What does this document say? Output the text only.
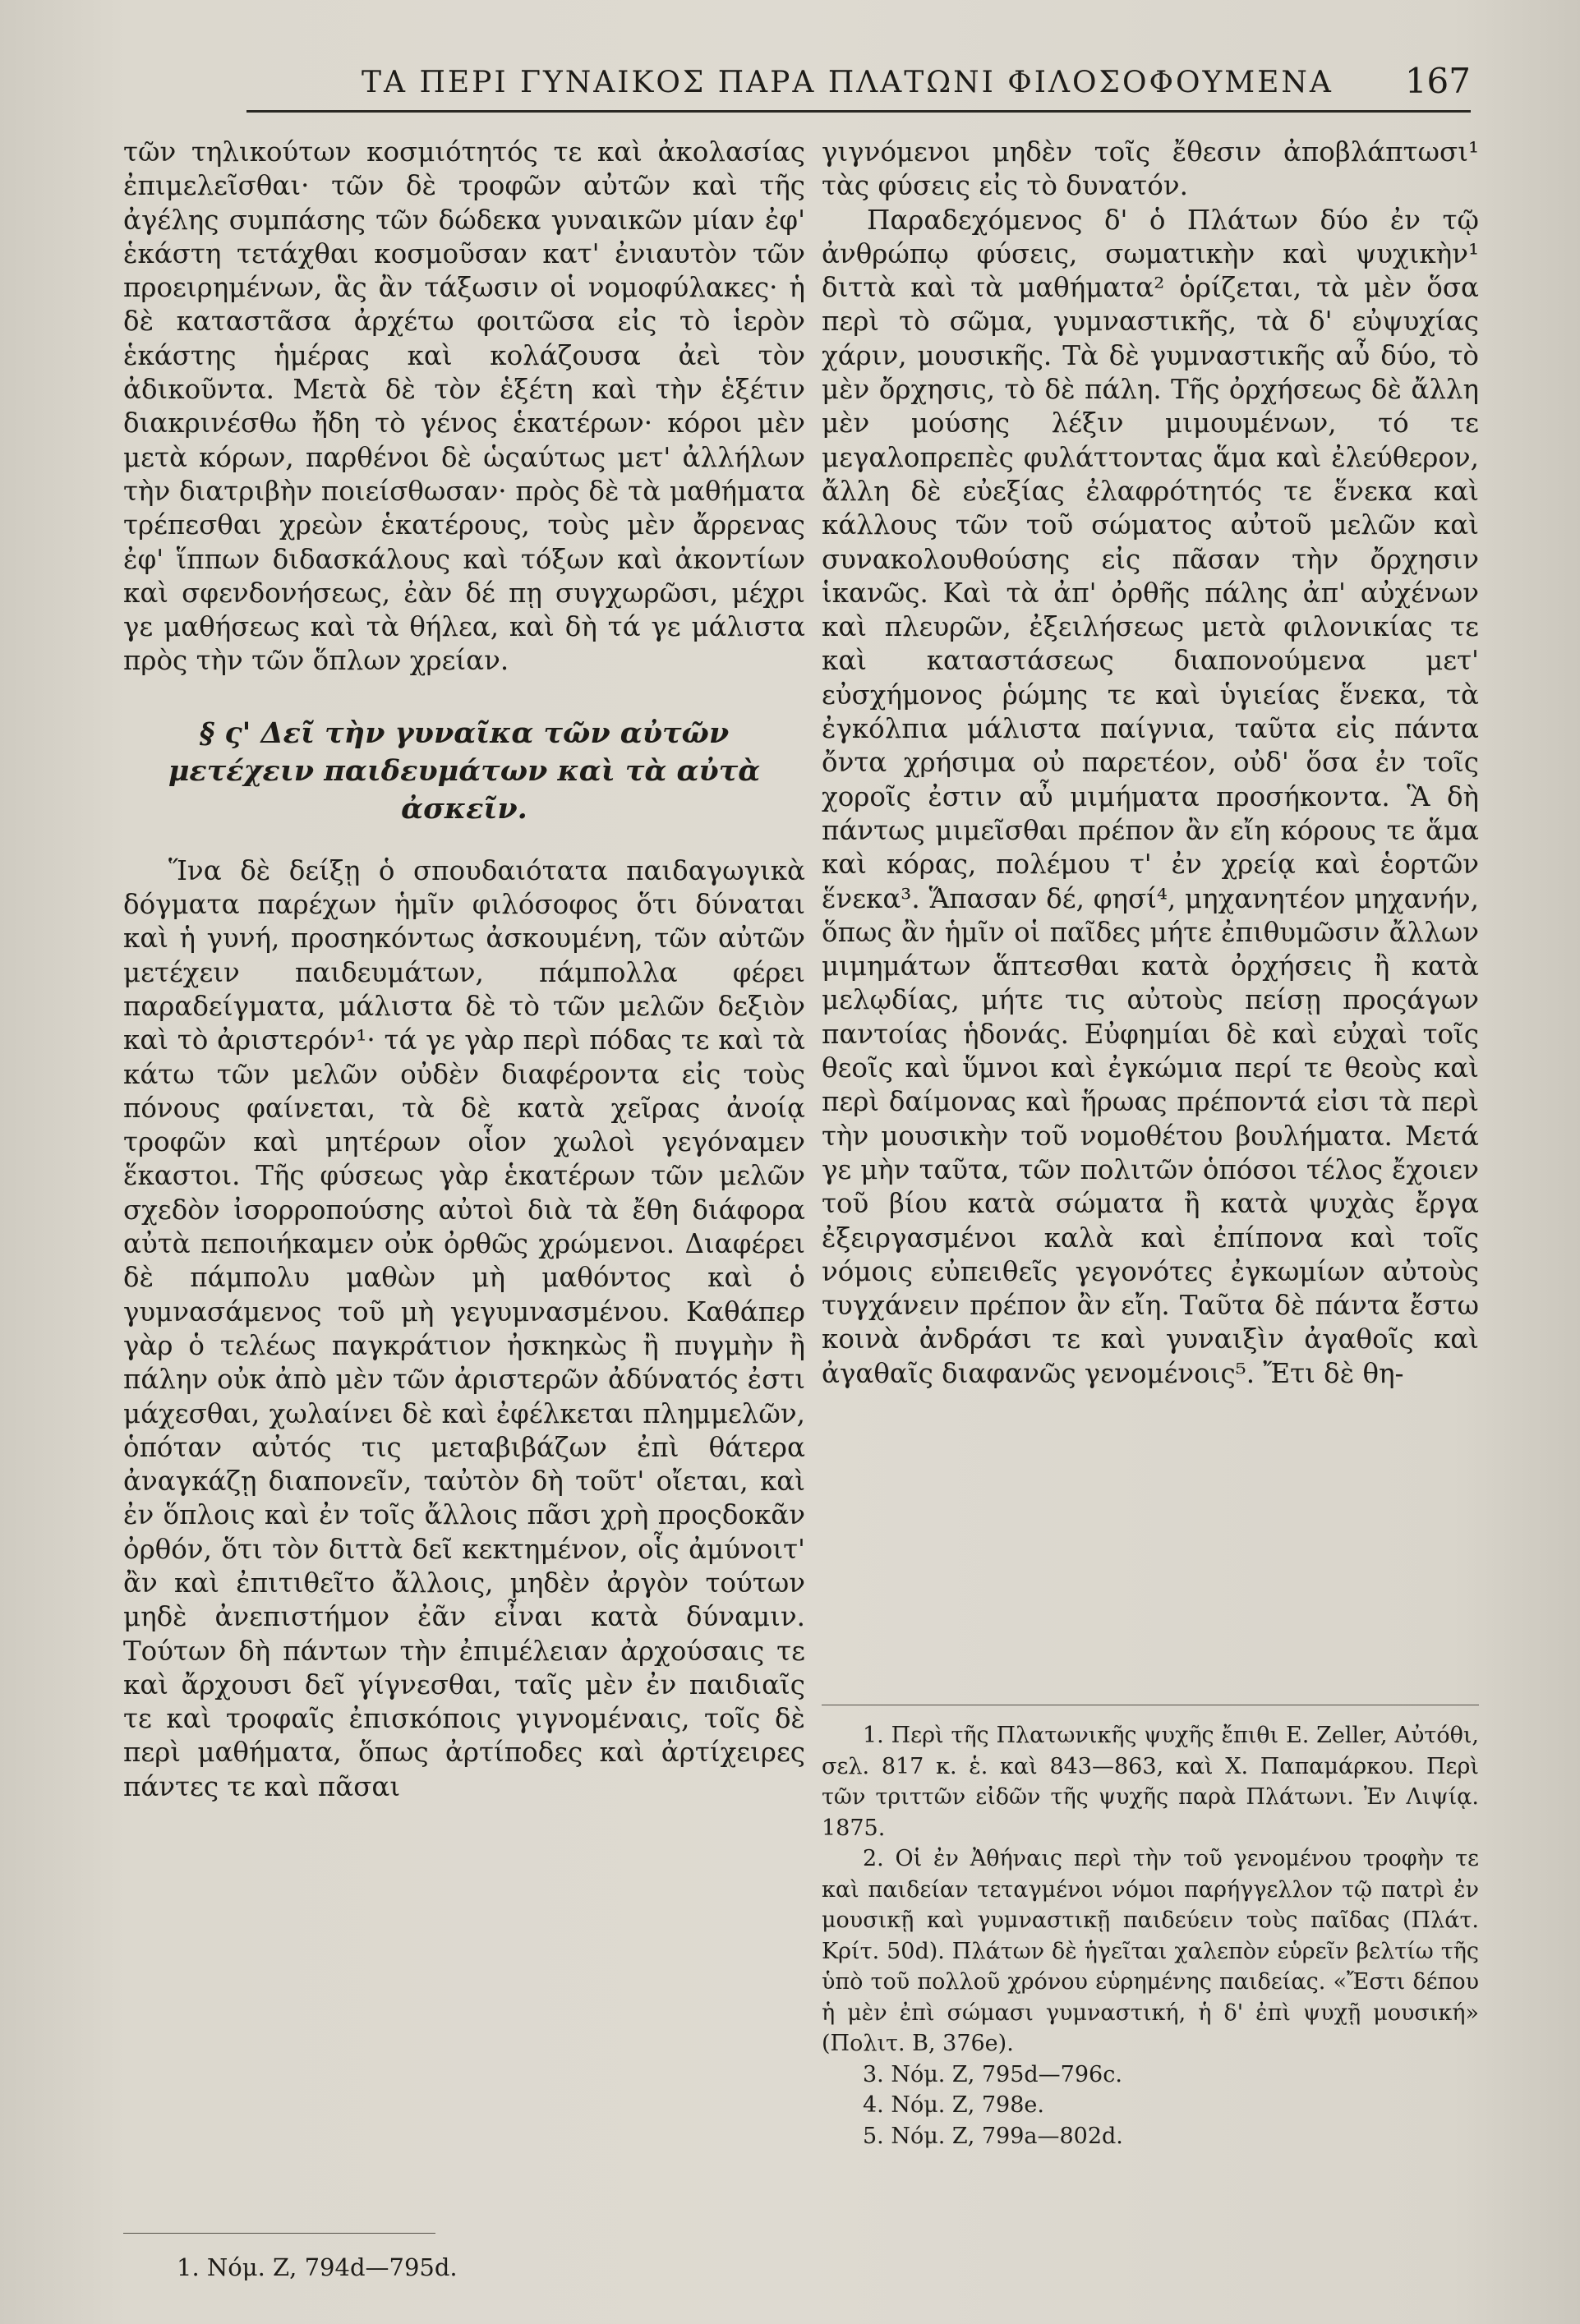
ΤΑ ΠΕΡΙ ΓΥΝΑΙΚΟΣ ΠΑΡΑ ΠΛΑΤΩΝΙ ΦΙΛΟΣΟΦΟΥΜΕΝΑ 167

τῶν τηλικούτων κοσμιότητός τε καὶ ἀκολασίας ἐπιμελεῖσθαι· τῶν δὲ τροφῶν αὐτῶν καὶ τῆς ἀγέλης συμπάσης τῶν δώδεκα γυναικῶν μίαν ἐφ' ἑκάστη τετάχθαι κοσμοῦσαν κατ' ἐνιαυτὸν τῶν προειρημένων, ἃς ἂν τάξωσιν οἱ νομοφύλακες· ἡ δὲ καταστᾶσα ἀρχέτω φοιτῶσα εἰς τὸ ἱερὸν ἑκάστης ἡμέρας καὶ κολάζουσα ἀεὶ τὸν ἀδικοῦντα. Μετὰ δὲ τὸν ἑξέτη καὶ τὴν ἑξέτιν διακρινέσθω ἤδη τὸ γένος ἑκατέρων· κόροι μὲν μετὰ κόρων, παρθένοι δὲ ὡςαύτως μετ' ἀλλήλων τὴν διατριβὴν ποιείσθωσαν· πρὸς δὲ τὰ μαθήματα τρέπεσθαι χρεὼν ἑκατέρους, τοὺς μὲν ἄρρενας ἐφ' ἵππων διδασκάλους καὶ τόξων καὶ ἀκοντίων καὶ σφενδονήσεως, ἐὰν δέ πῃ συγχωρῶσι, μέχρι γε μαθήσεως καὶ τὰ θήλεα, καὶ δὴ τά γε μάλιστα πρὸς τὴν τῶν ὅπλων χρείαν.

§ ς' Δεῖ τὴν γυναῖκα τῶν αὐτῶν μετέχειν παιδευμάτων καὶ τὰ αὐτὰ ἀσκεῖν.

Ἵνα δὲ δείξῃ ὁ σπουδαιότατα παιδαγωγικὰ δόγματα παρέχων ἡμῖν φιλόσοφος ὅτι δύναται καὶ ἡ γυνή, προσηκόντως ἀσκουμένη, τῶν αὐτῶν μετέχειν παιδευμάτων, πάμπολλα φέρει παραδείγματα, μάλιστα δὲ τὸ τῶν μελῶν δεξιὸν καὶ τὸ ἀριστερόν¹· τά γε γὰρ περὶ πόδας τε καὶ τὰ κάτω τῶν μελῶν οὐδὲν διαφέροντα εἰς τοὺς πόνους φαίνεται, τὰ δὲ κατὰ χεῖρας ἀνοίᾳ τροφῶν καὶ μητέρων οἷον χωλοὶ γεγόναμεν ἕκαστοι. Τῆς φύσεως γὰρ ἑκατέρων τῶν μελῶν σχεδὸν ἰσορροπούσης αὐτοὶ διὰ τὰ ἔθη διάφορα αὐτὰ πεποιήκαμεν οὐκ ὀρθῶς χρώμενοι. Διαφέρει δὲ πάμπολυ μαθὼν μὴ μαθόντος καὶ ὁ γυμνασάμενος τοῦ μὴ γεγυμνασμένου. Καθάπερ γὰρ ὁ τελέως παγκράτιον ἠσκηκὼς ἢ πυγμὴν ἢ πάλην οὐκ ἀπὸ μὲν τῶν ἀριστερῶν ἀδύνατός ἐστι μάχεσθαι, χωλαίνει δὲ καὶ ἐφέλκεται πλημμελῶν, ὁπόταν αὐτός τις μεταβιβάζων ἐπὶ θάτερα ἀναγκάζῃ διαπονεῖν, ταὐτὸν δὴ τοῦτ' οἴεται, καὶ ἐν ὅπλοις καὶ ἐν τοῖς ἄλλοις πᾶσι χρὴ προςδοκᾶν ὀρθόν, ὅτι τὸν διττὰ δεῖ κεκτημένον, οἷς ἀμύνοιτ' ἂν καὶ ἐπιτιθεῖτο ἄλλοις, μηδὲν ἀργὸν τούτων μηδὲ ἀνεπιστήμον ἐᾶν εἶναι κατὰ δύναμιν. Τούτων δὴ πάντων τὴν ἐπιμέλειαν ἀρχούσαις τε καὶ ἄρχουσι δεῖ γίγνεσθαι, ταῖς μὲν ἐν παιδιαῖς τε καὶ τροφαῖς ἐπισκόποις γιγνομέναις, τοῖς δὲ περὶ μαθήματα, ὅπως ἀρτίποδες καὶ ἀρτίχειρες πάντες τε καὶ πᾶσαι

1. Νόμ. Ζ, 794d—795d.

γιγνόμενοι μηδὲν τοῖς ἔθεσιν ἀποβλάπτωσι¹ τὰς φύσεις εἰς τὸ δυνατόν.

Παραδεχόμενος δ' ὁ Πλάτων δύο ἐν τῷ ἀνθρώπῳ φύσεις, σωματικὴν καὶ ψυχικὴν¹ διττὰ καὶ τὰ μαθήματα² ὁρίζεται, τὰ μὲν ὅσα περὶ τὸ σῶμα, γυμναστικῆς, τὰ δ' εὐψυχίας χάριν, μουσικῆς. Τὰ δὲ γυμναστικῆς αὖ δύο, τὸ μὲν ὄρχησις, τὸ δὲ πάλη. Τῆς ὀρχήσεως δὲ ἄλλη μὲν μούσης λέξιν μιμουμένων, τό τε μεγαλοπρεπὲς φυλάττοντας ἅμα καὶ ἐλεύθερον, ἄλλη δὲ εὐεξίας ἐλαφρότητός τε ἕνεκα καὶ κάλλους τῶν τοῦ σώματος αὐτοῦ μελῶν καὶ συνακολουθούσης εἰς πᾶσαν τὴν ὄρχησιν ἱκανῶς. Καὶ τὰ ἀπ' ὀρθῆς πάλης ἀπ' αὐχένων καὶ πλευρῶν, ἐξειλήσεως μετὰ φιλονικίας τε καὶ καταστάσεως διαπονούμενα μετ' εὐσχήμονος ῥώμης τε καὶ ὑγιείας ἕνεκα, τὰ ἐγκόλπια μάλιστα παίγνια, ταῦτα εἰς πάντα ὄντα χρήσιμα οὐ παρετέον, οὐδ' ὅσα ἐν τοῖς χοροῖς ἐστιν αὖ μιμήματα προσήκοντα. Ἃ δὴ πάντως μιμεῖσθαι πρέπον ἂν εἴη κόρους τε ἅμα καὶ κόρας, πολέμου τ' ἐν χρείᾳ καὶ ἑορτῶν ἕνεκα³. Ἅπασαν δέ, φησί⁴, μηχανητέον μηχανήν, ὅπως ἂν ἡμῖν οἱ παῖδες μήτε ἐπιθυμῶσιν ἄλλων μιμημάτων ἅπτεσθαι κατὰ ὀρχήσεις ἢ κατὰ μελῳδίας, μήτε τις αὐτοὺς πείσῃ προςάγων παντοίας ἡδονάς. Εὐφημίαι δὲ καὶ εὐχαὶ τοῖς θεοῖς καὶ ὕμνοι καὶ ἐγκώμια περί τε θεοὺς καὶ περὶ δαίμονας καὶ ἥρωας πρέποντά εἰσι τὰ περὶ τὴν μουσικὴν τοῦ νομοθέτου βουλήματα. Μετά γε μὴν ταῦτα, τῶν πολιτῶν ὁπόσοι τέλος ἔχοιεν τοῦ βίου κατὰ σώματα ἢ κατὰ ψυχὰς ἔργα ἐξειργασμένοι καλὰ καὶ ἐπίπονα καὶ τοῖς νόμοις εὐπειθεῖς γεγονότες ἐγκωμίων αὐτοὺς τυγχάνειν πρέπον ἂν εἴη. Ταῦτα δὲ πάντα ἔστω κοινὰ ἀνδράσι τε καὶ γυναιξὶν ἀγαθοῖς καὶ ἀγαθαῖς διαφανῶς γενομένοις⁵. Ἔτι δὲ θη-

1. Περὶ τῆς Πλατωνικῆς ψυχῆς ἔπιθι E. Zeller, Αὐτόθι, σελ. 817 κ. ἑ. καὶ 843—863, καὶ Χ. Παπαμάρκου. Περὶ τῶν τριττῶν εἰδῶν τῆς ψυχῆς παρὰ Πλάτωνι. Ἐν Λιψίᾳ. 1875.

2. Οἱ ἐν Ἀθήναις περὶ τὴν τοῦ γενομένου τροφὴν τε καὶ παιδείαν τεταγμένοι νόμοι παρήγγελλον τῷ πατρὶ ἐν μουσικῇ καὶ γυμναστικῇ παιδεύειν τοὺς παῖδας (Πλάτ. Κρίτ. 50d). Πλάτων δὲ ἡγεῖται χαλεπὸν εὑρεῖν βελτίω τῆς ὑπὸ τοῦ πολλοῦ χρόνου εὑρημένης παιδείας. «Ἔστι δέπου ἡ μὲν ἐπὶ σώμασι γυμναστική, ἡ δ' ἐπὶ ψυχῇ μουσική» (Πολιτ. Β, 376e).

3. Νόμ. Ζ, 795d—796c.

4. Νόμ. Ζ, 798e.

5. Νόμ. Ζ, 799a—802d.
